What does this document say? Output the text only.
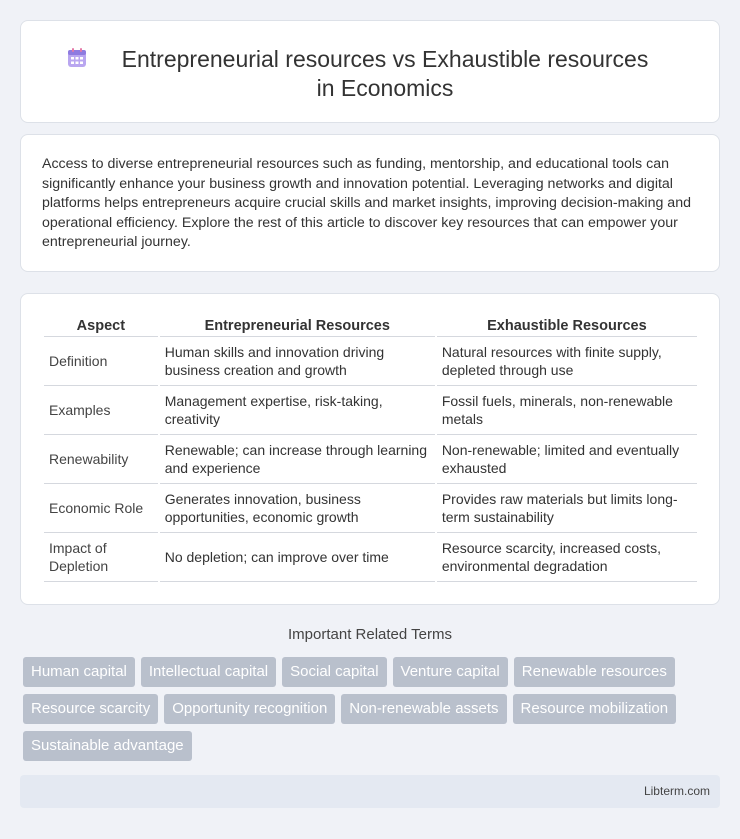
Entrepreneurial resources vs Exhaustible resources in Economics

Access to diverse entrepreneurial resources such as funding, mentorship, and educational tools can significantly enhance your business growth and innovation potential. Leveraging networks and digital platforms helps entrepreneurs acquire crucial skills and market insights, improving decision-making and operational efficiency. Explore the rest of this article to discover key resources that can empower your entrepreneurial journey.

Aspect	Entrepreneurial Resources	Exhaustible Resources
Definition	Human skills and innovation driving business creation and growth	Natural resources with finite supply, depleted through use
Examples	Management expertise, risk-taking, creativity	Fossil fuels, minerals, non-renewable metals
Renewability	Renewable; can increase through learning and experience	Non-renewable; limited and eventually exhausted
Economic Role	Generates innovation, business opportunities, economic growth	Provides raw materials but limits long-term sustainability
Impact of Depletion	No depletion; can improve over time	Resource scarcity, increased costs, environmental degradation
Important Related Terms
Human capital	Intellectual capital	Social capital	Venture capital	Renewable resources
Resource scarcity	Opportunity recognition	Non-renewable assets	Resource mobilization
Sustainable advantage
Libterm.com
